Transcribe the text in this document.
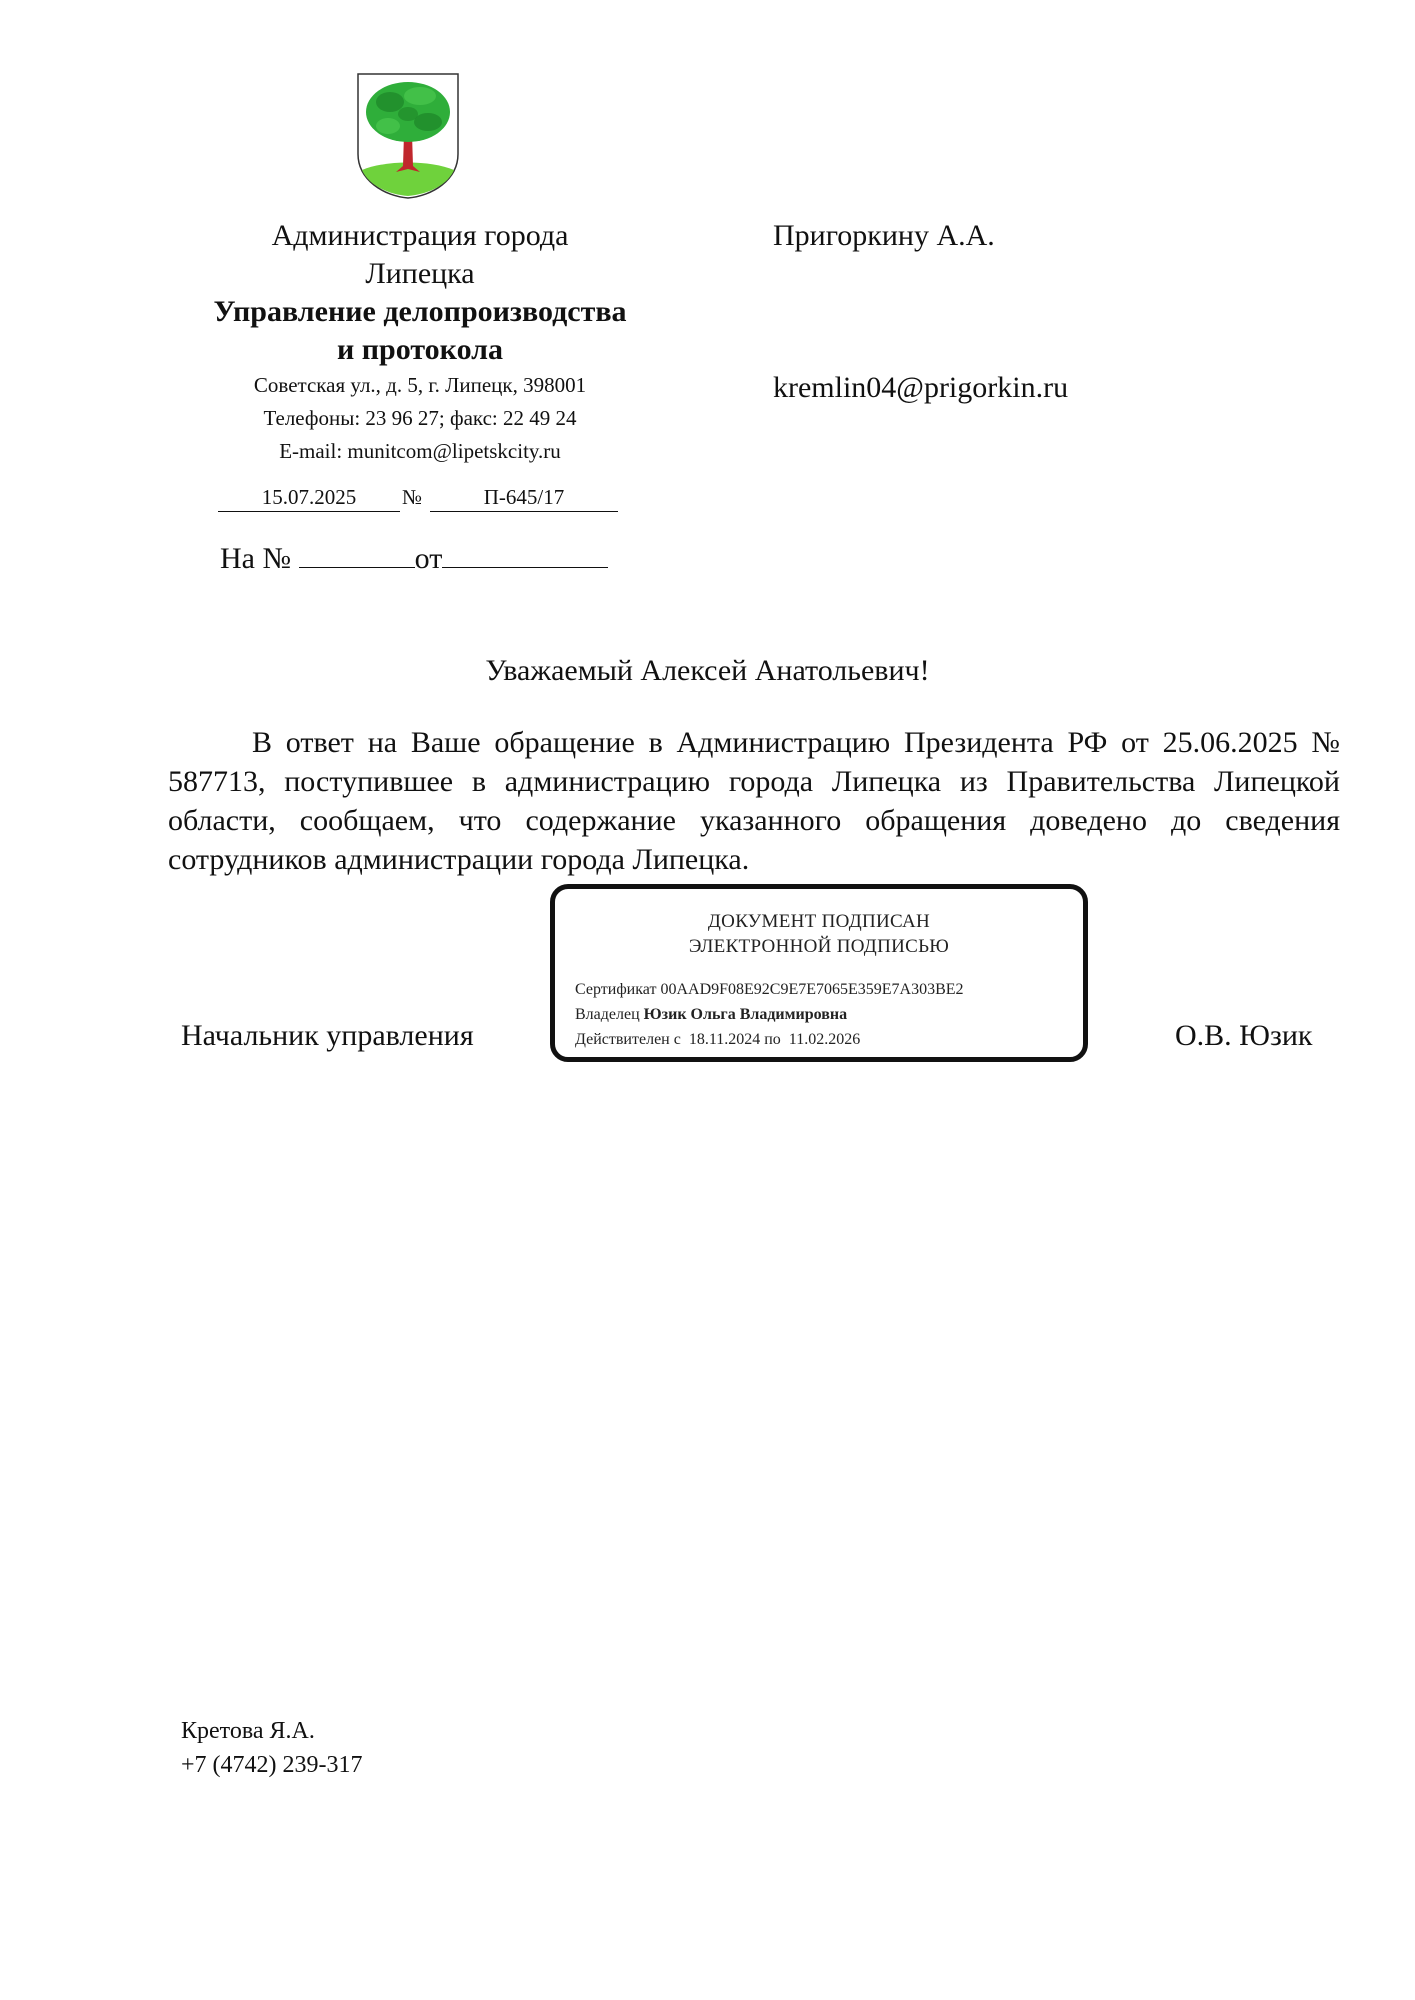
Администрация города
Липецка
Управление делопроизводства
и протокола
Советская ул., д. 5, г. Липецк, 398001
Телефоны: 23 96 27; факс: 22 49 24
E-mail: munitcom@lipetskcity.ru
15.07.2025	№	П-645/17
На №	от
Пригоркину А.А.
kremlin04@prigorkin.ru
Уважаемый Алексей Анатольевич!
В ответ на Ваше обращение в Администрацию Президента РФ от 25.06.2025 № 587713, поступившее в администрацию города Липецка из Правительства Липецкой области, сообщаем, что содержание указанного обращения доведено до сведения сотрудников администрации города Липецка.
Начальник управления	О.В. Юзик
ДОКУМЕНТ ПОДПИСАН
ЭЛЕКТРОННОЙ ПОДПИСЬЮ
Сертификат 00AAD9F08E92C9E7E7065E359E7A303BE2
Владелец Юзик Ольга Владимировна
Действителен с 18.11.2024 по 11.02.2026
Кретова Я.А.
+7 (4742) 239-317
